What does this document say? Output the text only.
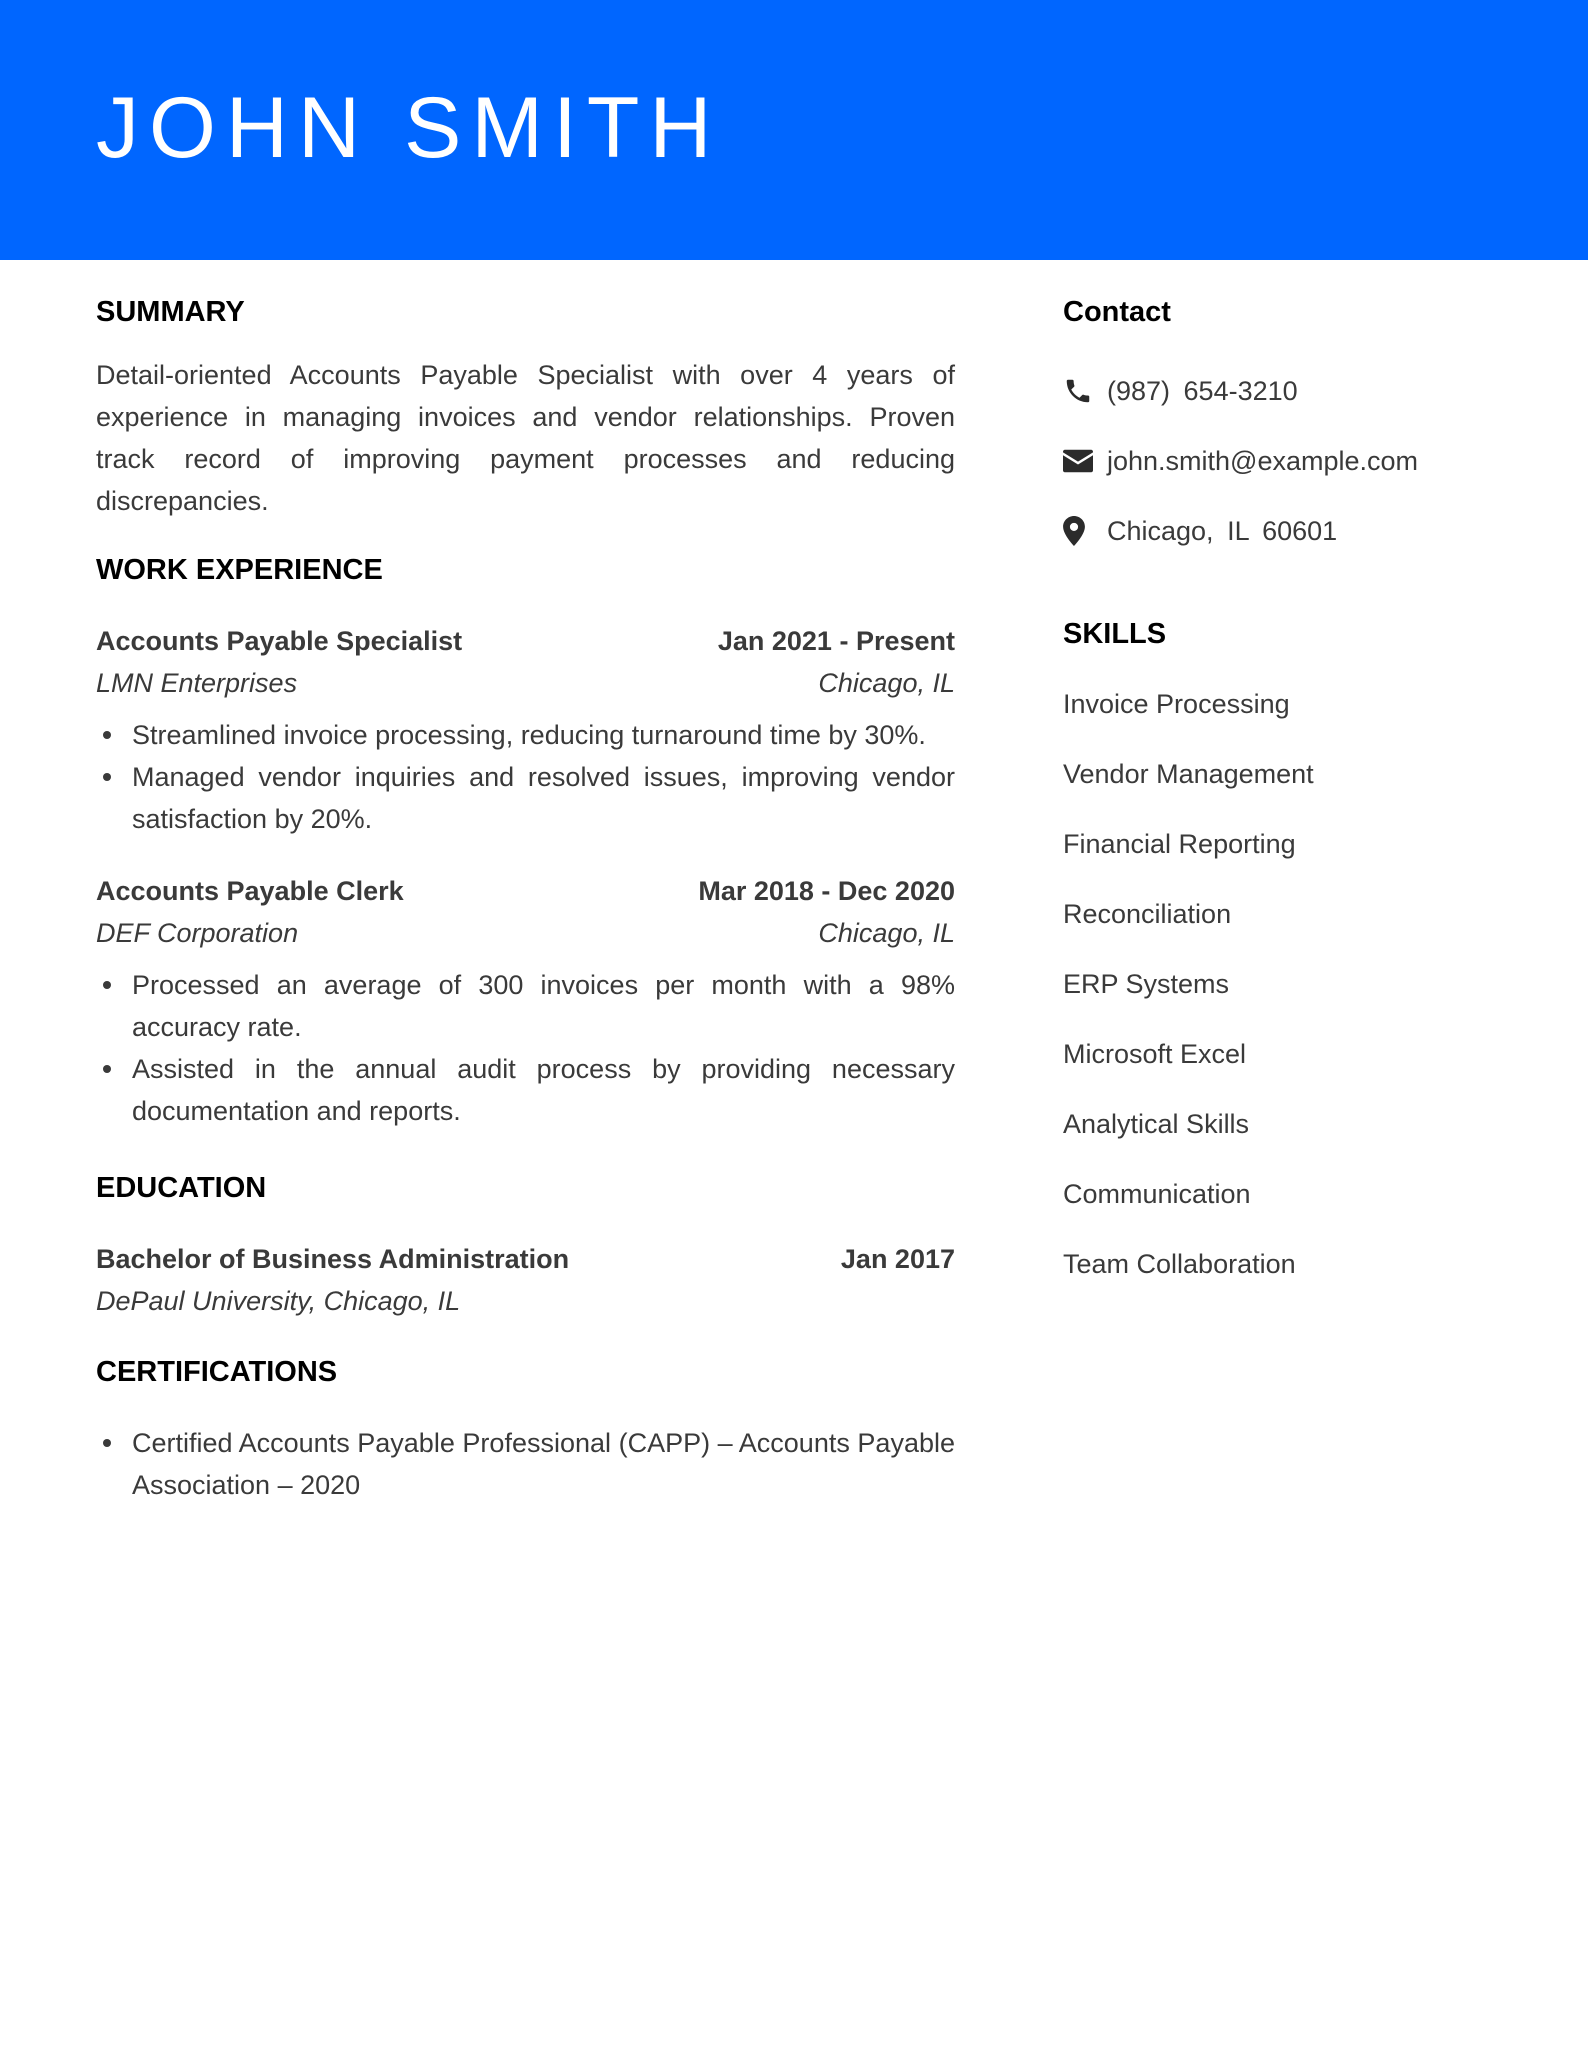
JOHN SMITH
SUMMARY
Detail-oriented Accounts Payable Specialist with over 4 years of experience in managing invoices and vendor relationships. Proven track record of improving payment processes and reducing discrepancies.
WORK EXPERIENCE
Accounts Payable Specialist	Jan 2021 - Present
LMN Enterprises	Chicago, IL
Streamlined invoice processing, reducing turnaround time by 30%.
Managed vendor inquiries and resolved issues, improving vendor satisfaction by 20%.
Accounts Payable Clerk	Mar 2018 - Dec 2020
DEF Corporation	Chicago, IL
Processed an average of 300 invoices per month with a 98% accuracy rate.
Assisted in the annual audit process by providing necessary documentation and reports.
EDUCATION
Bachelor of Business Administration	Jan 2017
DePaul University, Chicago, IL
CERTIFICATIONS
Certified Accounts Payable Professional (CAPP) – Accounts Payable Association – 2020
Contact
(987) 654-3210
john.smith@example.com
Chicago, IL 60601
SKILLS
Invoice Processing
Vendor Management
Financial Reporting
Reconciliation
ERP Systems
Microsoft Excel
Analytical Skills
Communication
Team Collaboration
